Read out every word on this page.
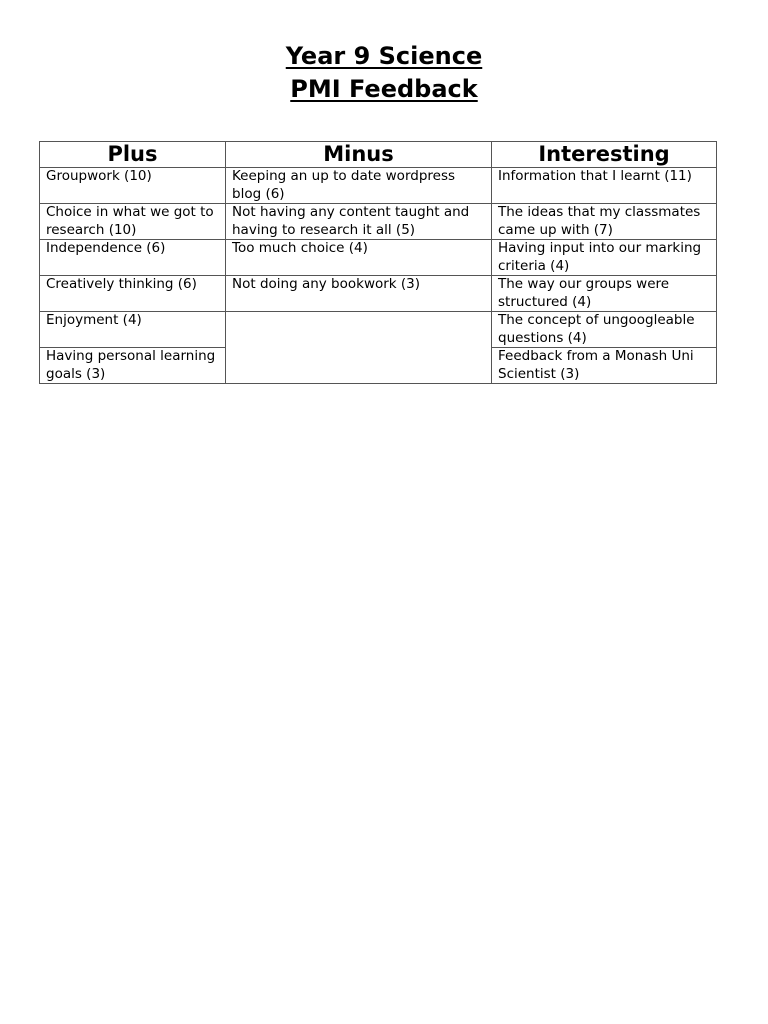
Year 9 Science
PMI Feedback
Plus	Minus	Interesting
Groupwork (10)	Keeping an up to date wordpress blog (6)	Information that I learnt (11)
Choice in what we got to research (10)	Not having any content taught and having to research it all (5)	The ideas that my classmates came up with (7)
Independence (6)	Too much choice (4)	Having input into our marking criteria (4)
Creatively thinking (6)	Not doing any bookwork (3)	The way our groups were structured (4)
Enjoyment (4)		The concept of ungoogleable questions (4)
Having personal learning goals (3)		Feedback from a Monash Uni Scientist (3)
